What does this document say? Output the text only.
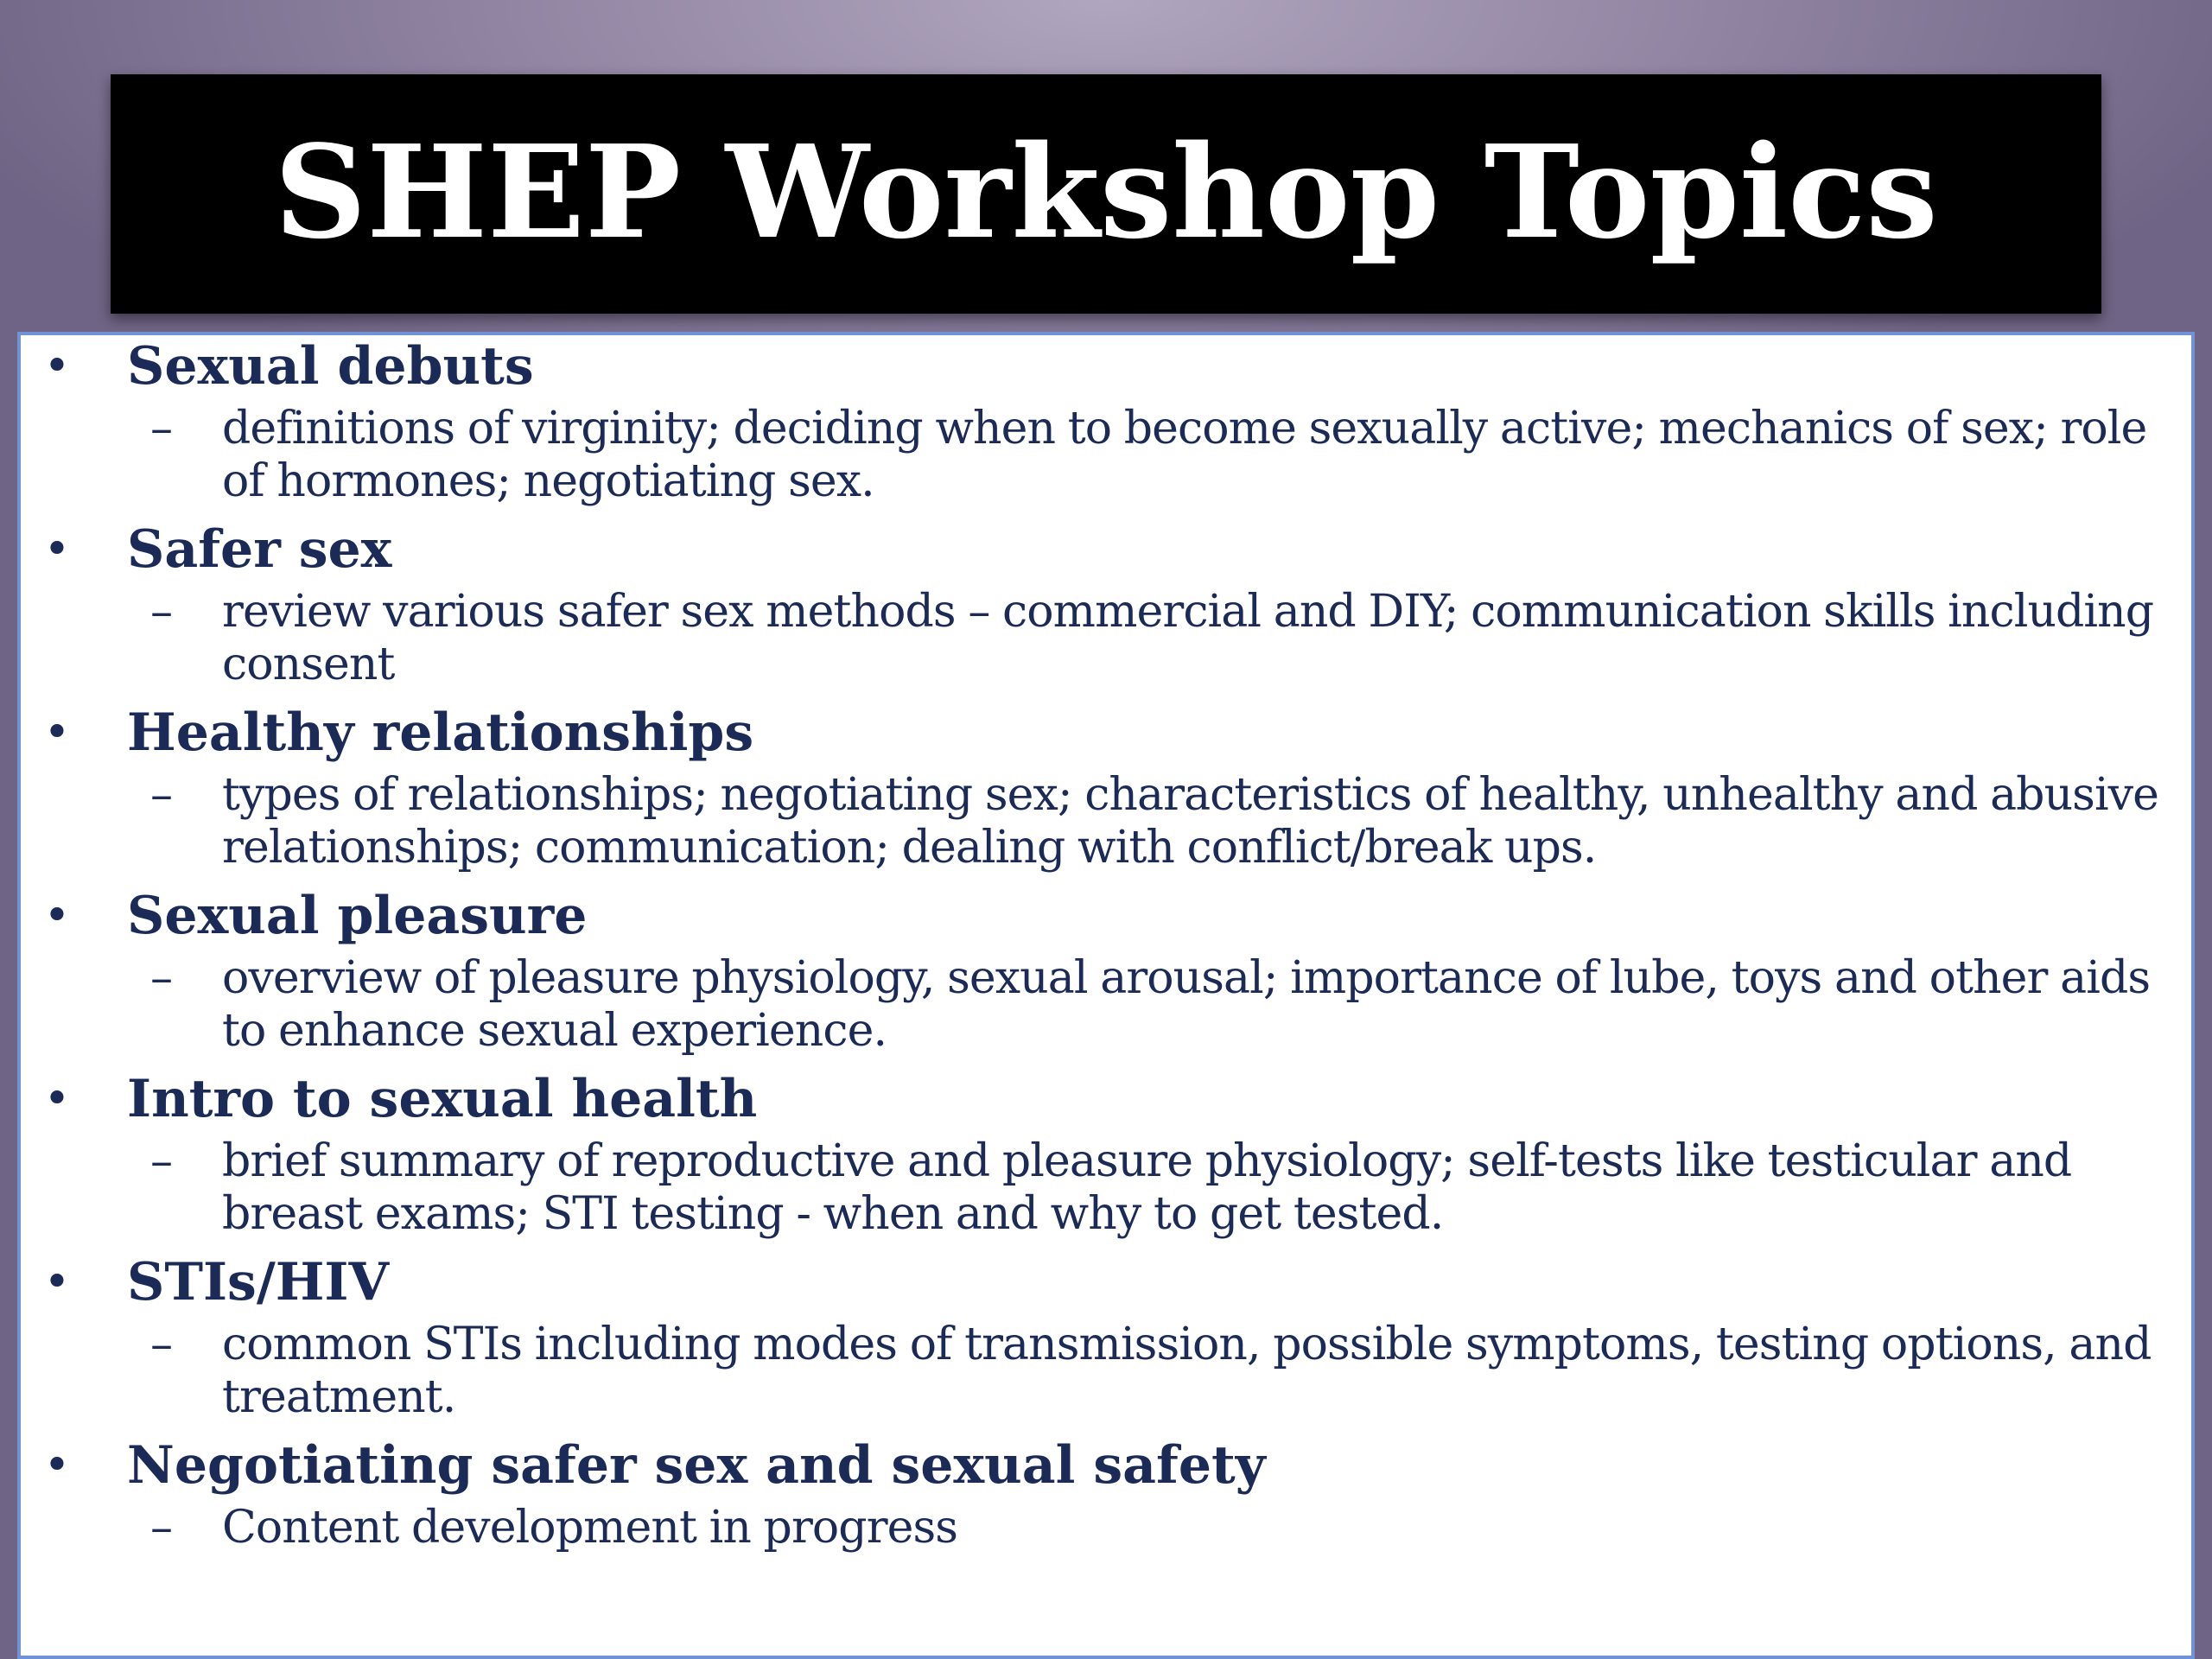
SHEP Workshop Topics
• Sexual debuts
– definitions of virginity; deciding when to become sexually active; mechanics of sex; role of hormones; negotiating sex.
• Safer sex
– review various safer sex methods – commercial and DIY; communication skills including consent
• Healthy relationships
– types of relationships; negotiating sex; characteristics of healthy, unhealthy and abusive relationships; communication; dealing with conflict/break ups.
• Sexual pleasure
– overview of pleasure physiology, sexual arousal; importance of lube, toys and other aids to enhance sexual experience.
• Intro to sexual health
– brief summary of reproductive and pleasure physiology; self-tests like testicular and breast exams; STI testing - when and why to get tested.
• STIs/HIV
– common STIs including modes of transmission, possible symptoms, testing options, and treatment.
• Negotiating safer sex and sexual safety
– Content development in progress
